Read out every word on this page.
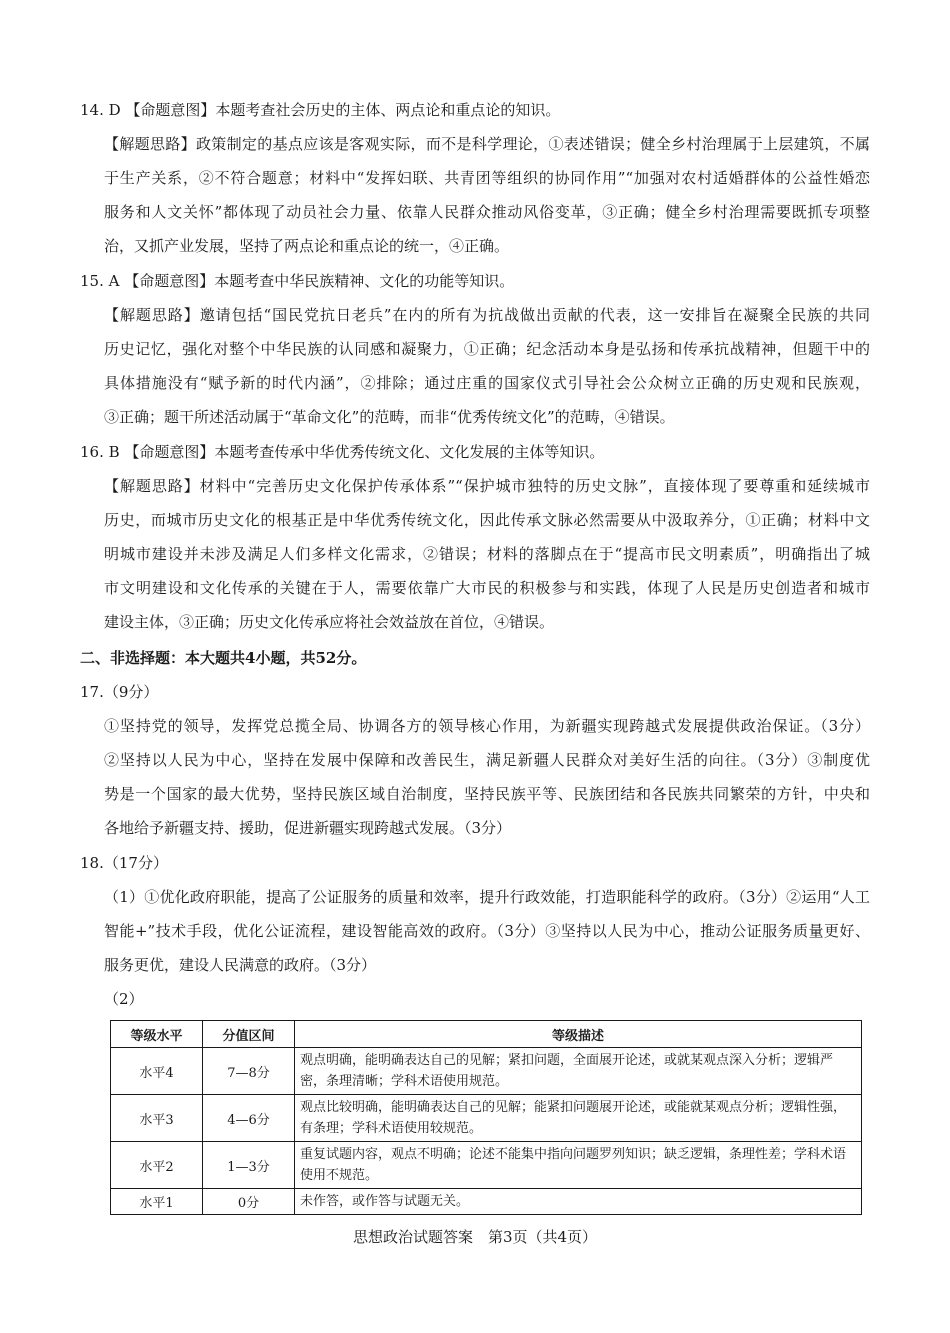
14. D 【命题意图】本题考查社会历史的主体、两点论和重点论的知识。
【解题思路】政策制定的基点应该是客观实际，而不是科学理论，①表述错误；健全乡村治理属于上层建筑，不属
于生产关系，②不符合题意；材料中“发挥妇联、共青团等组织的协同作用”“加强对农村适婚群体的公益性婚恋
服务和人文关怀”都体现了动员社会力量、依靠人民群众推动风俗变革，③正确；健全乡村治理需要既抓专项整
治，又抓产业发展，坚持了两点论和重点论的统一，④正确。
15. A 【命题意图】本题考查中华民族精神、文化的功能等知识。
【解题思路】邀请包括“国民党抗日老兵”在内的所有为抗战做出贡献的代表，这一安排旨在凝聚全民族的共同
历史记忆，强化对整个中华民族的认同感和凝聚力，①正确；纪念活动本身是弘扬和传承抗战精神，但题干中的
具体措施没有“赋予新的时代内涵”，②排除；通过庄重的国家仪式引导社会公众树立正确的历史观和民族观，
③正确；题干所述活动属于“革命文化”的范畴，而非“优秀传统文化”的范畴，④错误。
16. B 【命题意图】本题考查传承中华优秀传统文化、文化发展的主体等知识。
【解题思路】材料中“完善历史文化保护传承体系”“保护城市独特的历史文脉”，直接体现了要尊重和延续城市
历史，而城市历史文化的根基正是中华优秀传统文化，因此传承文脉必然需要从中汲取养分，①正确；材料中文
明城市建设并未涉及满足人们多样文化需求，②错误；材料的落脚点在于“提高市民文明素质”，明确指出了城
市文明建设和文化传承的关键在于人，需要依靠广大市民的积极参与和实践，体现了人民是历史创造者和城市
建设主体，③正确；历史文化传承应将社会效益放在首位，④错误。
二、非选择题：本大题共4小题，共52分。
17.（9分）
①坚持党的领导，发挥党总揽全局、协调各方的领导核心作用，为新疆实现跨越式发展提供政治保证。（3分）
②坚持以人民为中心，坚持在发展中保障和改善民生，满足新疆人民群众对美好生活的向往。（3分）③制度优
势是一个国家的最大优势，坚持民族区域自治制度，坚持民族平等、民族团结和各民族共同繁荣的方针，中央和
各地给予新疆支持、援助，促进新疆实现跨越式发展。（3分）
18.（17分）
（1）①优化政府职能，提高了公证服务的质量和效率，提升行政效能，打造职能科学的政府。（3分）②运用“人工
智能+”技术手段，优化公证流程，建设智能高效的政府。（3分）③坚持以人民为中心，推动公证服务质量更好、
服务更优，建设人民满意的政府。（3分）
（2）
等级水平	分值区间	等级描述
水平4	7—8分	观点明确，能明确表达自己的见解；紧扣问题，全面展开论述，或就某观点深入分析；逻辑严密，条理清晰；学科术语使用规范。
水平3	4—6分	观点比较明确，能明确表达自己的见解；能紧扣问题展开论述，或能就某观点分析；逻辑性强，有条理；学科术语使用较规范。
水平2	1—3分	重复试题内容，观点不明确；论述不能集中指向问题罗列知识；缺乏逻辑，条理性差；学科术语使用不规范。
水平1	0分	未作答，或作答与试题无关。
思想政治试题答案　第3页（共4页）
